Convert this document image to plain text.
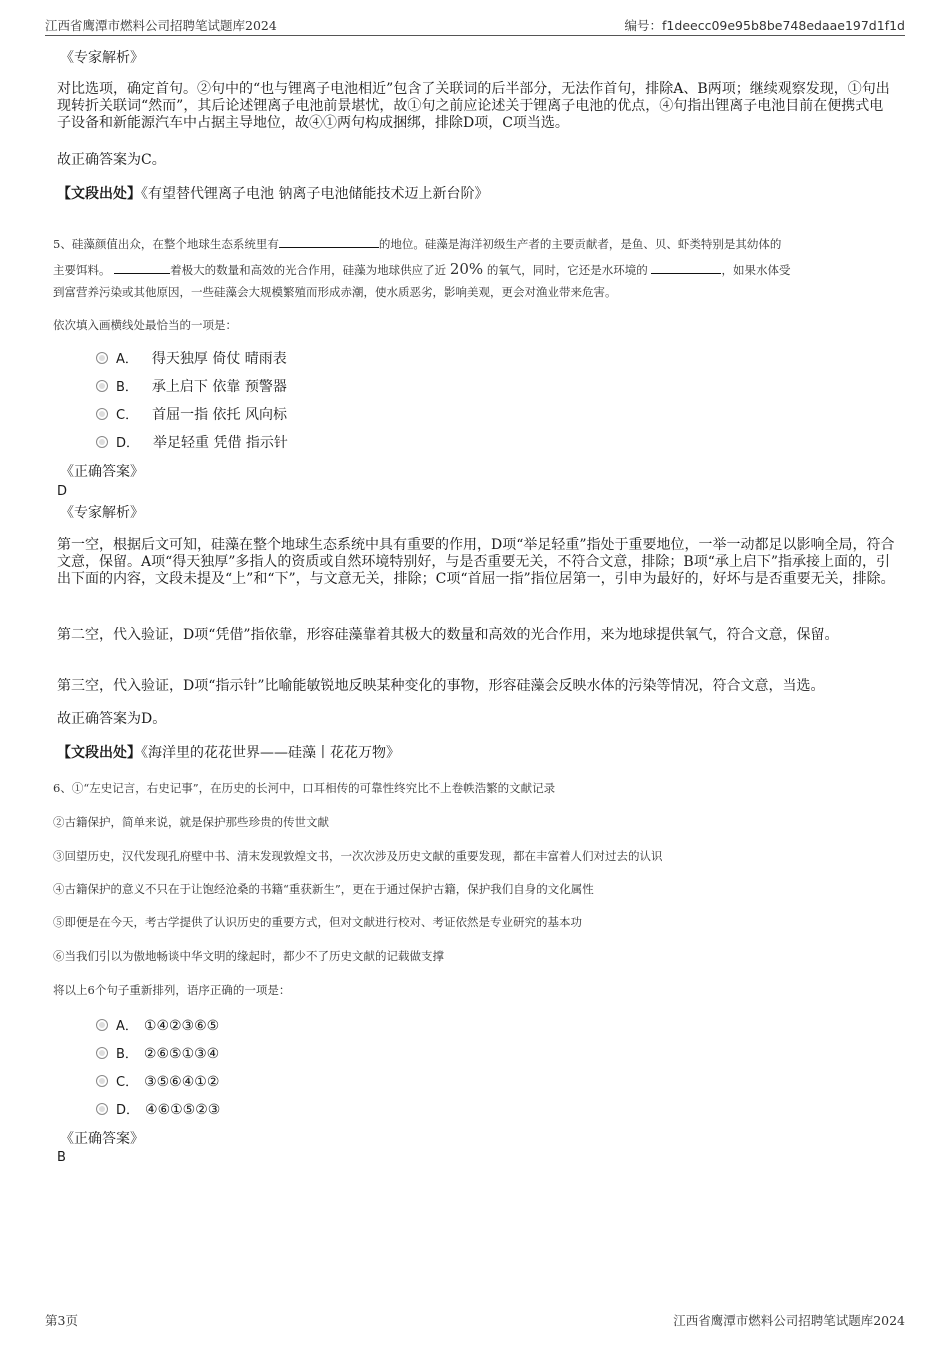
江西省鹰潭市燃料公司招聘笔试题库2024	编号：f1deecc09e95b8be748edaae197d1f1d
《专家解析》
对比选项，确定首句。②句中的“也与锂离子电池相近”包含了关联词的后半部分，无法作首句，排除A、B两项；继续观察发现，①句出现转折关联词“然而”，其后论述锂离子电池前景堪忧，故①句之前应论述关于锂离子电池的优点，④句指出锂离子电池目前在便携式电子设备和新能源汽车中占据主导地位，故④①两句构成捆绑，排除D项，C项当选。
故正确答案为C。
【文段出处】《有望替代锂离子电池 钠离子电池储能技术迈上新台阶》
5、硅藻颜值出众，在整个地球生态系统里有	的地位。硅藻是海洋初级生产者的主要贡献者，是鱼、贝、虾类特别是其幼体的
主要饵料。	着极大的数量和高效的光合作用，硅藻为地球供应了近 20% 的氧气，同时，它还是水环境的	，如果水体受
到富营养污染或其他原因，一些硅藻会大规模繁殖而形成赤潮，使水质恶劣，影响美观，更会对渔业带来危害。
依次填入画横线处最恰当的一项是：
A． 得天独厚 倚仗 晴雨表
B． 承上启下 依靠 预警器
C． 首屈一指 依托 风向标
D． 举足轻重 凭借 指示针
《正确答案》
D
《专家解析》
第一空，根据后文可知，硅藻在整个地球生态系统中具有重要的作用，D项“举足轻重”指处于重要地位，一举一动都足以影响全局，符合文意，保留。A项“得天独厚”多指人的资质或自然环境特别好，与是否重要无关，不符合文意，排除；B项“承上启下”指承接上面的，引出下面的内容，文段未提及“上”和“下”，与文意无关，排除；C项“首屈一指”指位居第一，引申为最好的，好坏与是否重要无关，排除。
第二空，代入验证，D项“凭借”指依靠，形容硅藻靠着其极大的数量和高效的光合作用，来为地球提供氧气，符合文意，保留。
第三空，代入验证，D项“指示针”比喻能敏锐地反映某种变化的事物，形容硅藻会反映水体的污染等情况，符合文意，当选。
故正确答案为D。
【文段出处】《海洋里的花花世界——硅藻丨花花万物》
6、①“左史记言，右史记事”，在历史的长河中，口耳相传的可靠性终究比不上卷帙浩繁的文献记录
②古籍保护，简单来说，就是保护那些珍贵的传世文献
③回望历史，汉代发现孔府壁中书、清末发现敦煌文书，一次次涉及历史文献的重要发现，都在丰富着人们对过去的认识
④古籍保护的意义不只在于让饱经沧桑的书籍“重获新生”，更在于通过保护古籍，保护我们自身的文化属性
⑤即便是在今天，考古学提供了认识历史的重要方式，但对文献进行校对、考证依然是专业研究的基本功
⑥当我们引以为傲地畅谈中华文明的缘起时，都少不了历史文献的记载做支撑
将以上6个句子重新排列，语序正确的一项是：
A． ①④②③⑥⑤
B． ②⑥⑤①③④
C． ③⑤⑥④①②
D． ④⑥①⑤②③
《正确答案》
B
第3页	江西省鹰潭市燃料公司招聘笔试题库2024
